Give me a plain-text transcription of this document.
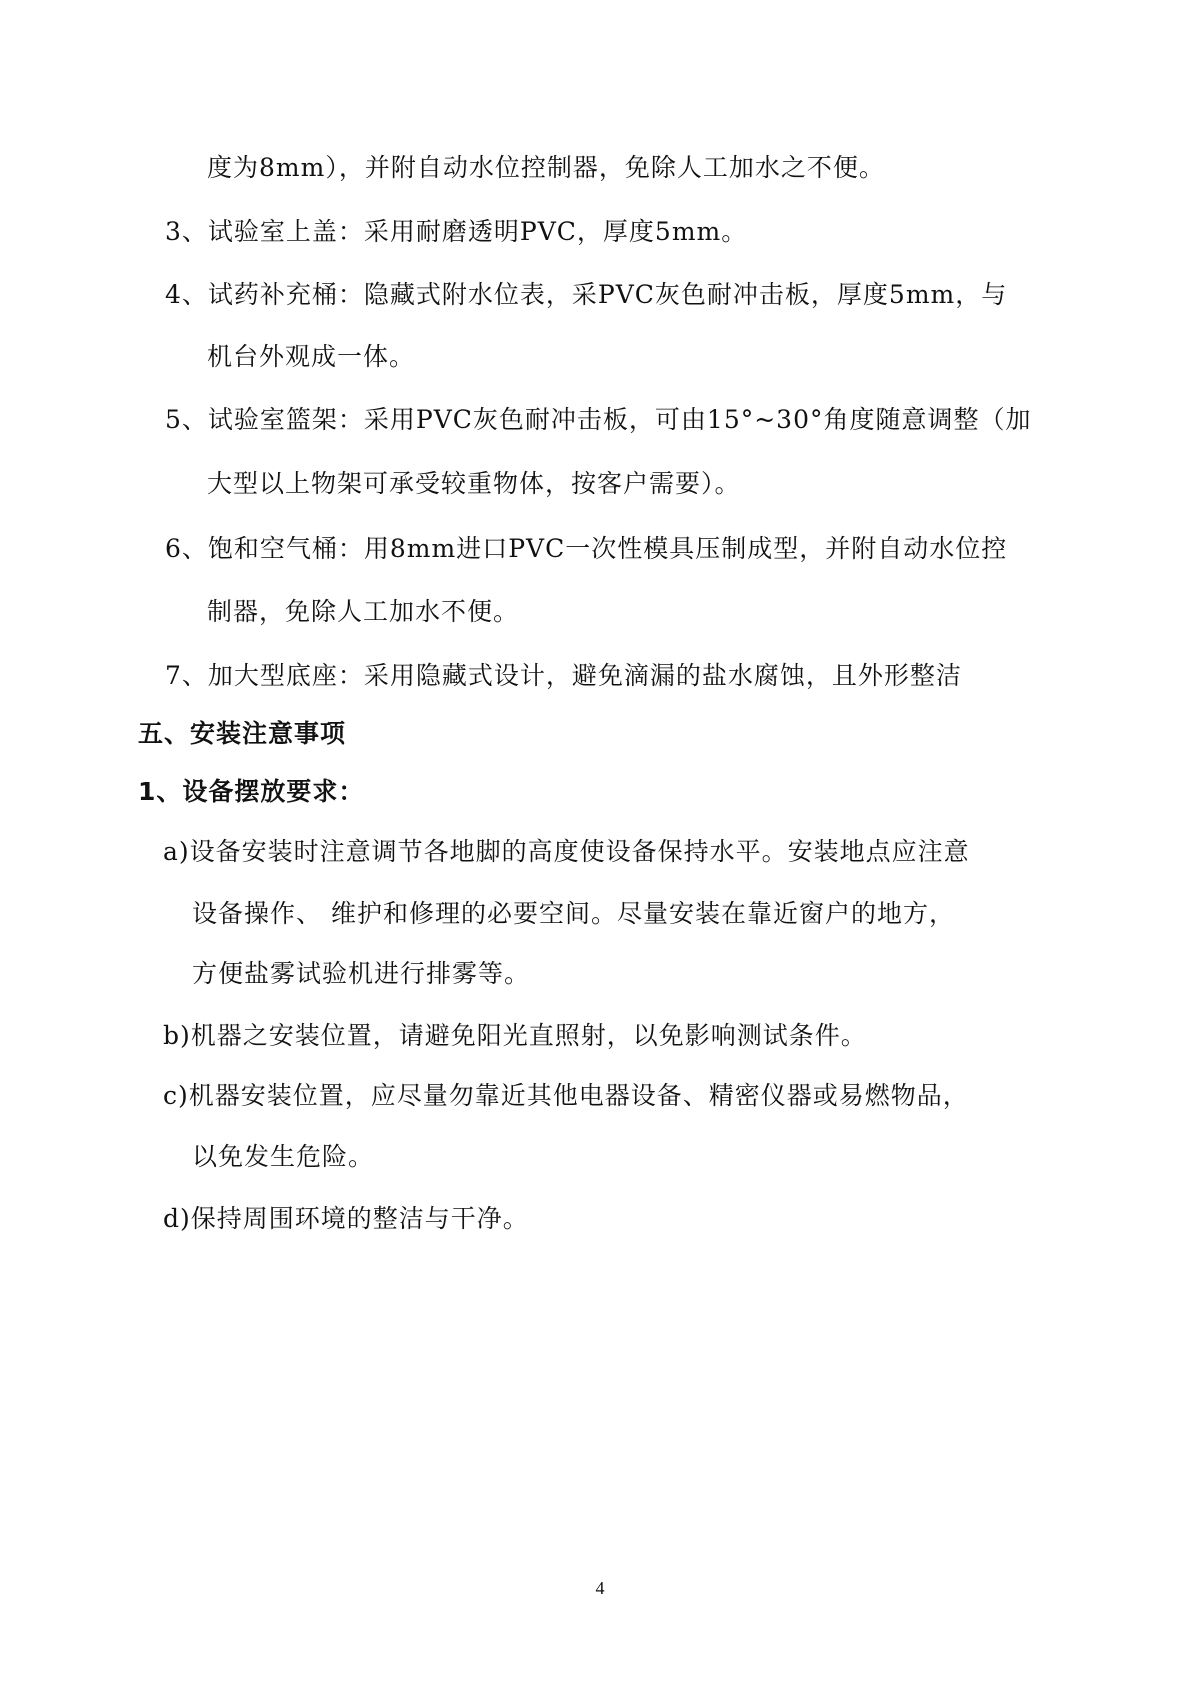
度为8mm），并附自动水位控制器，免除人工加水之不便。
3、试验室上盖：采用耐磨透明PVC，厚度5mm。
4、试药补充桶：隐藏式附水位表，采PVC灰色耐冲击板，厚度5mm，与
机台外观成一体。
5、试验室篮架：采用PVC灰色耐冲击板，可由15°~30°角度随意调整（加
大型以上物架可承受较重物体，按客户需要）。
6、饱和空气桶：用8mm进口PVC一次性模具压制成型，并附自动水位控
制器，免除人工加水不便。
7、加大型底座：采用隐藏式设计，避免滴漏的盐水腐蚀，且外形整洁
五、安装注意事项
1、设备摆放要求：
a)设备安装时注意调节各地脚的高度使设备保持水平。安装地点应注意
设备操作、 维护和修理的必要空间。尽量安装在靠近窗户的地方，
方便盐雾试验机进行排雾等。
b)机器之安装位置，请避免阳光直照射，以免影响测试条件。
c)机器安装位置，应尽量勿靠近其他电器设备、精密仪器或易燃物品，
以免发生危险。
d)保持周围环境的整洁与干净。
4
